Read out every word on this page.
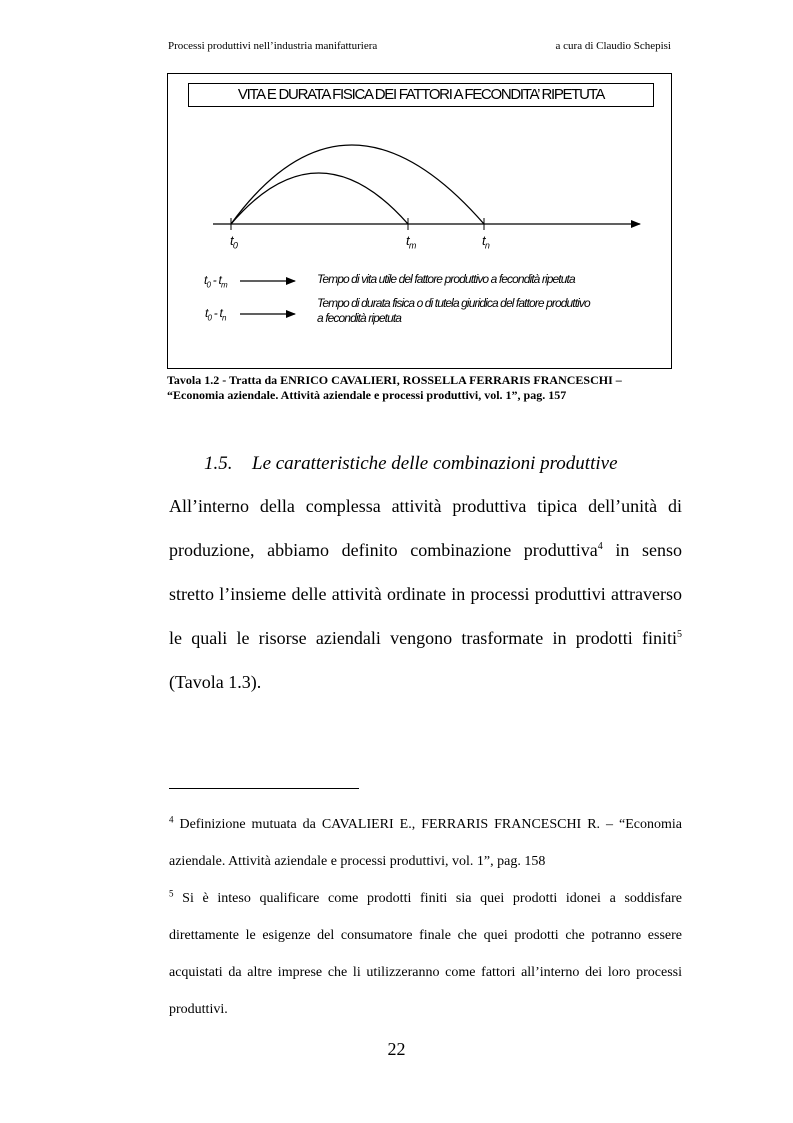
Processi produttivi nell’industria manifatturiera	a cura di Claudio Schepisi
VITA E DURATA FISICA DEI FATTORI A FECONDITA’ RIPETUTA
$t_0$	$t_m$	$t_n$
$t_0 - t_m$	Tempo di vita utile del fattore produttivo a fecondità ripetuta
$t_0 - t_n$
Tempo di durata fisica o di tutela giuridica del fattore produttivo
a fecondità ripetuta
Tavola 1.2 - Tratta da ENRICO CAVALIERI, ROSSELLA FERRARIS FRANCESCHI –
“Economia aziendale. Attività aziendale e processi produttivi, vol. 1”, pag. 157
1.5. Le caratteristiche delle combinazioni produttive
All’interno della complessa attività produttiva tipica dell’unità di produzione, abbiamo definito combinazione produttiva$^4$ in senso stretto l’insieme delle attività ordinate in processi produttivi attraverso le quali le risorse aziendali vengono trasformate in prodotti finiti$^5$ (Tavola 1.3).

$^4$ Definizione mutuata da CAVALIERI E., FERRARIS FRANCESCHI R. – “Economia aziendale. Attività aziendale e processi produttivi, vol. 1”, pag. 158

$^5$ Si è inteso qualificare come prodotti finiti sia quei prodotti idonei a soddisfare direttamente le esigenze del consumatore finale che quei prodotti che potranno essere acquistati da altre imprese che li utilizzeranno come fattori all’interno dei loro processi produttivi.

22
